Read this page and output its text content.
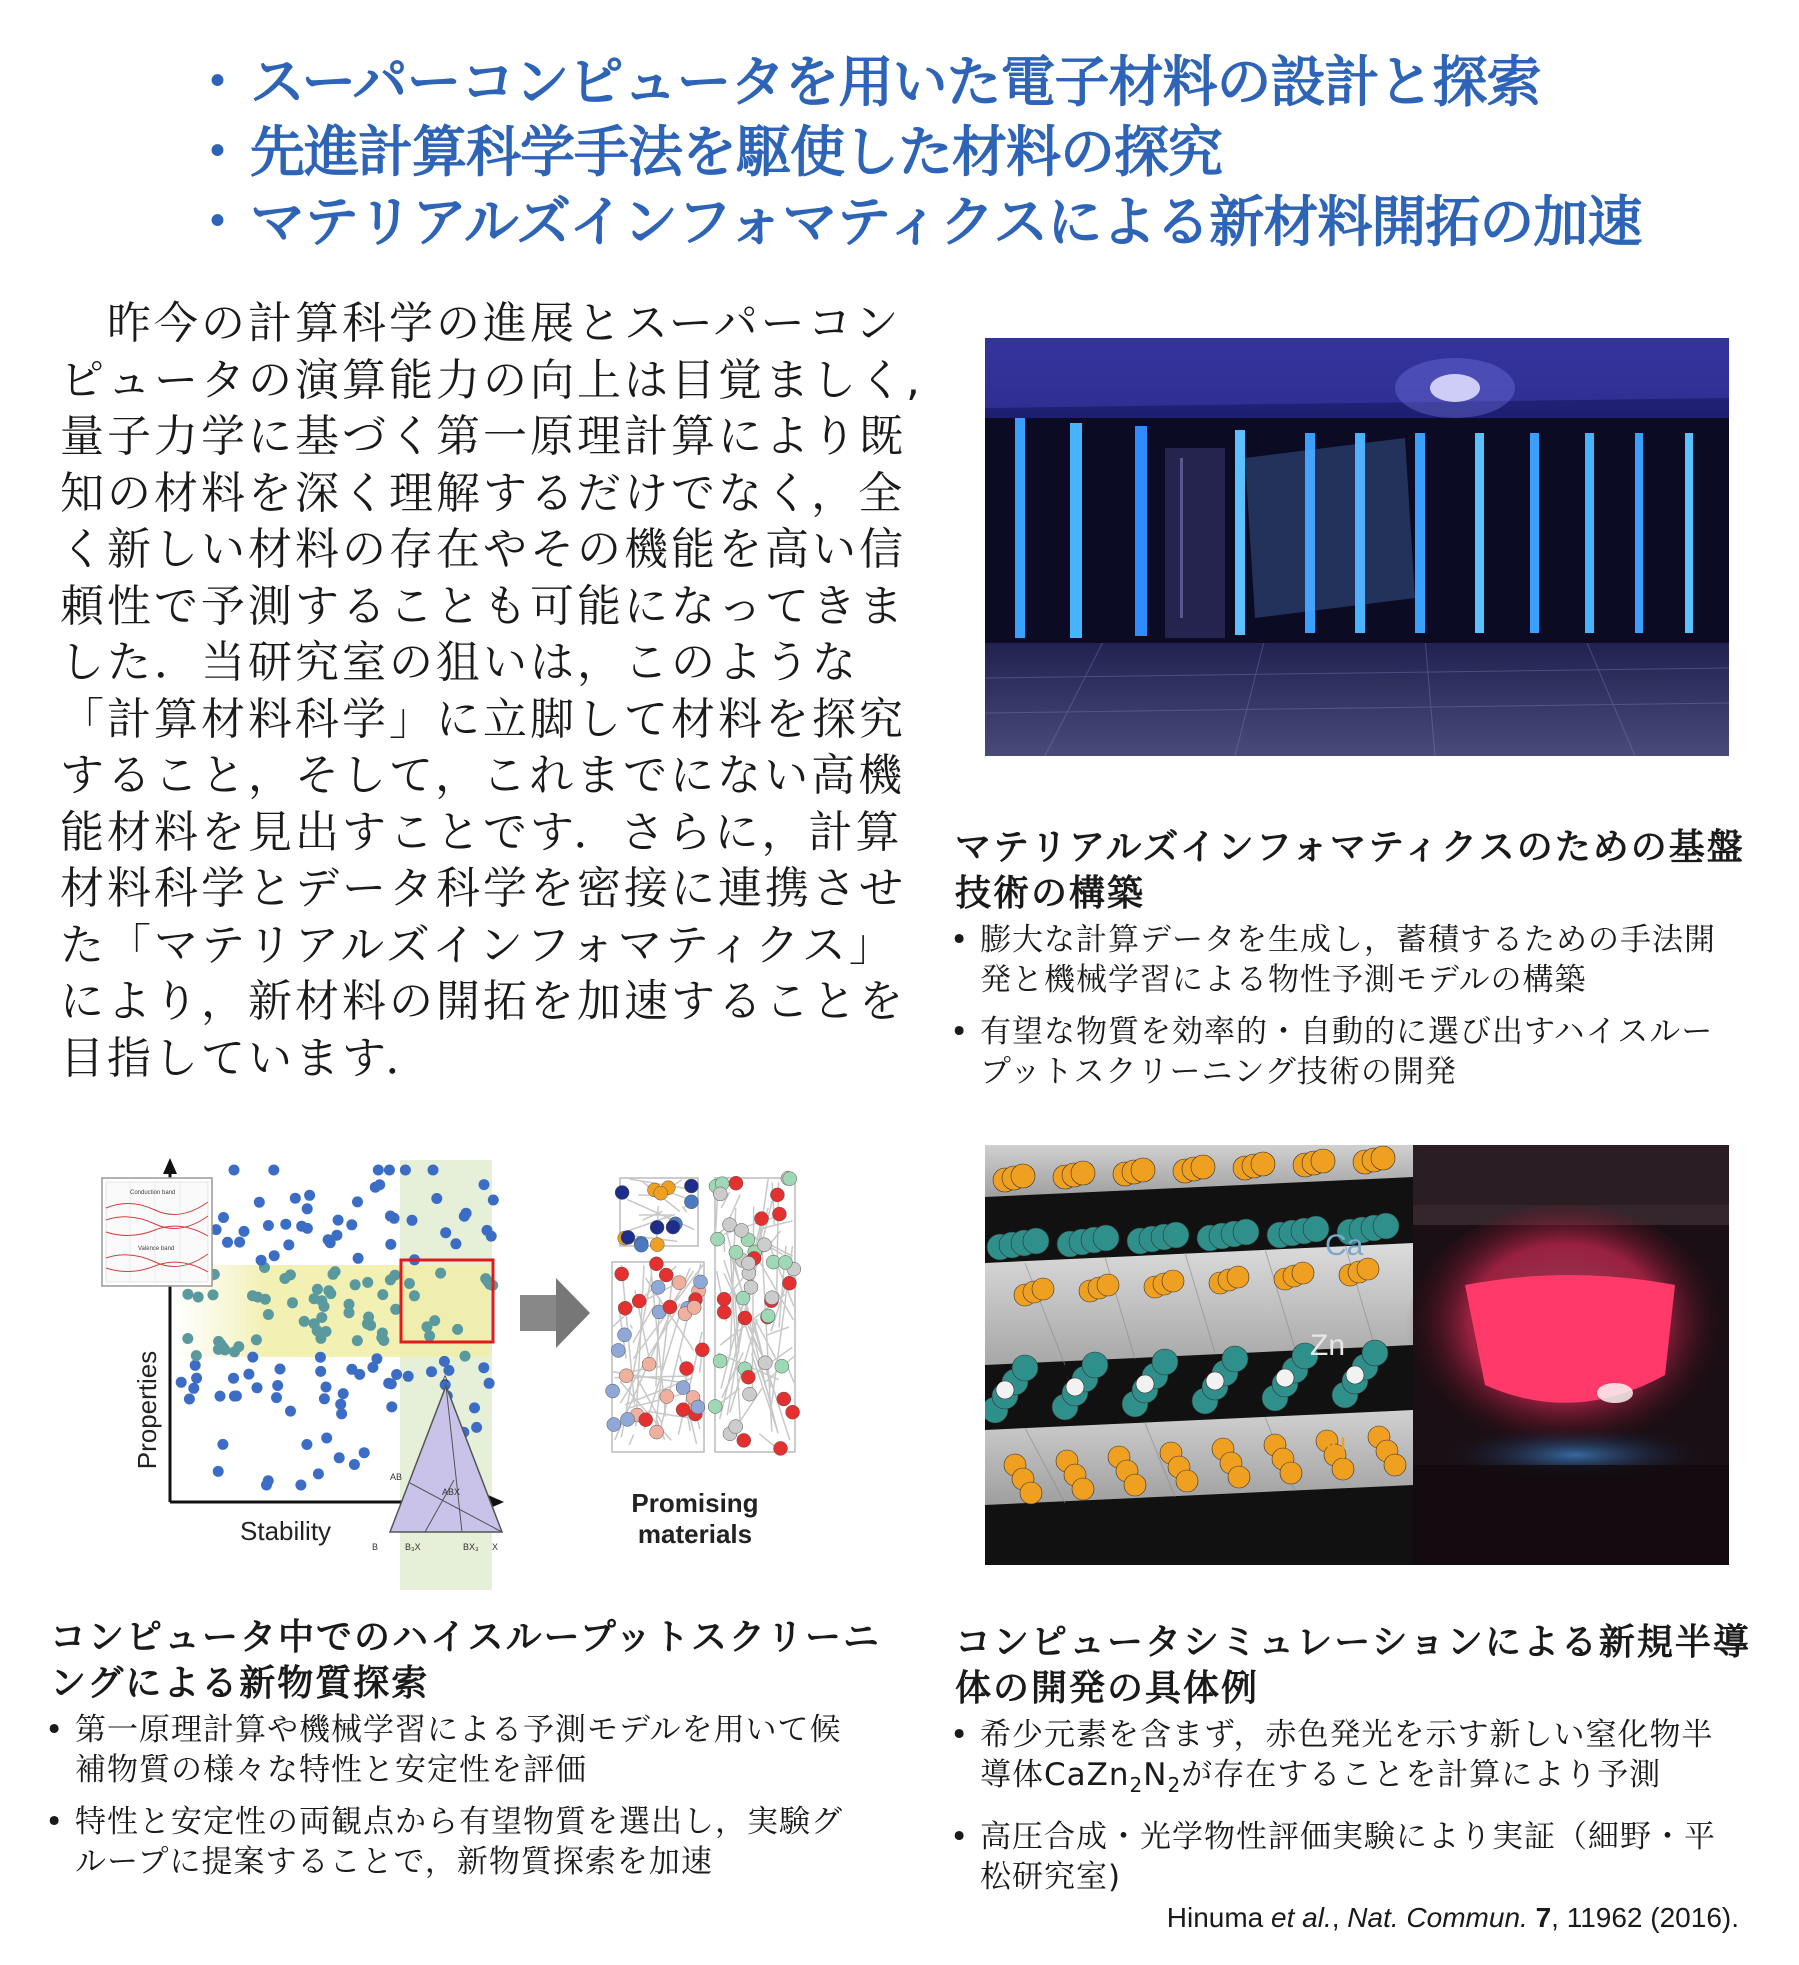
・ スーパーコンピュータを用いた電子材料の設計と探索
・ 先進計算科学手法を駆使した材料の探究
・ マテリアルズインフォマティクスによる新材料開拓の加速
　昨今の計算科学の進展とスーパーコン
ピュータの演算能力の向上は目覚ましく,
量子力学に基づく第一原理計算により既
知の材料を深く理解するだけでなく，全
く新しい材料の存在やその機能を高い信
頼性で予測することも可能になってきま
した．当研究室の狙いは，このような
「計算材料科学」に立脚して材料を探究
すること，そして，これまでにない高機
能材料を見出すことです．さらに，計算
材料科学とデータ科学を密接に連携させ
た「マテリアルズインフォマティクス」
により，新材料の開拓を加速することを
目指しています．
マテリアルズインフォマティクスのための基盤
技術の構築
• 膨大な計算データを生成し，蓄積するための手法開
発と機械学習による物性予測モデルの構築
• 有望な物質を効率的・自動的に選び出すハイスルー
プットスクリーニング技術の開発
Properties
Stability
Conduction band
Valence band
A
AB
ABX
B	B₃X	BX₃ X
Promising
materials
Ca
Zn
N
コンピュータ中でのハイスループットスクリーニ
ングによる新物質探索
• 第一原理計算や機械学習による予測モデルを用いて候
補物質の様々な特性と安定性を評価
• 特性と安定性の両観点から有望物質を選出し，実験グ
ループに提案することで，新物質探索を加速
コンピュータシミュレーションによる新規半導
体の開発の具体例
• 希少元素を含まず，赤色発光を示す新しい窒化物半
導体$CaZn_2N_2$が存在することを計算により予測
• 高圧合成・光学物性評価実験により実証（細野・平
松研究室)
Hinuma et al., Nat. Commun. 7, 11962 (2016).
